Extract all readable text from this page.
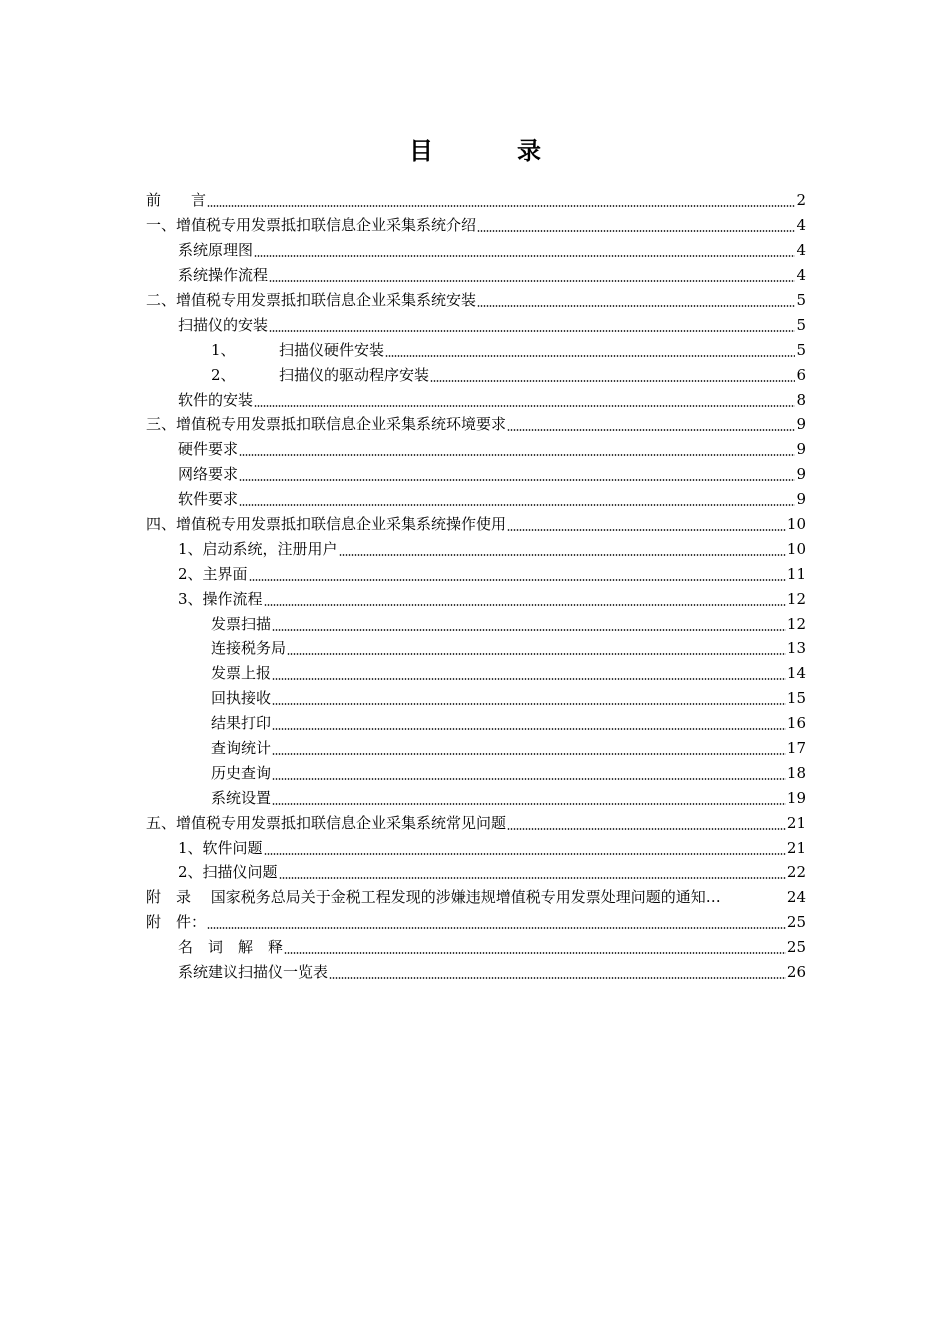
目　录
前　　言	2
一、增值税专用发票抵扣联信息企业采集系统介绍	4
系统原理图	4
系统操作流程	4
二、增值税专用发票抵扣联信息企业采集系统安装	5
扫描仪的安装	5
1、	扫描仪硬件安装	5
2、	扫描仪的驱动程序安装	6
软件的安装	8
三、增值税专用发票抵扣联信息企业采集系统环境要求	9
硬件要求	9
网络要求	9
软件要求	9
四、增值税专用发票抵扣联信息企业采集系统操作使用	10
1、启动系统，注册用户	10
2、主界面	11
3、操作流程	12
发票扫描	12
连接税务局	13
发票上报	14
回执接收	15
结果打印	16
查询统计	17
历史查询	18
系统设置	19
五、增值税专用发票抵扣联信息企业采集系统常见问题	21
1、软件问题	21
2、扫描仪问题	22
附　录　 国家税务总局关于金税工程发现的涉嫌违规增值税专用发票处理问题的通知…	24
附　件：	25
名　词　解　释	25
系统建议扫描仪一览表	26
